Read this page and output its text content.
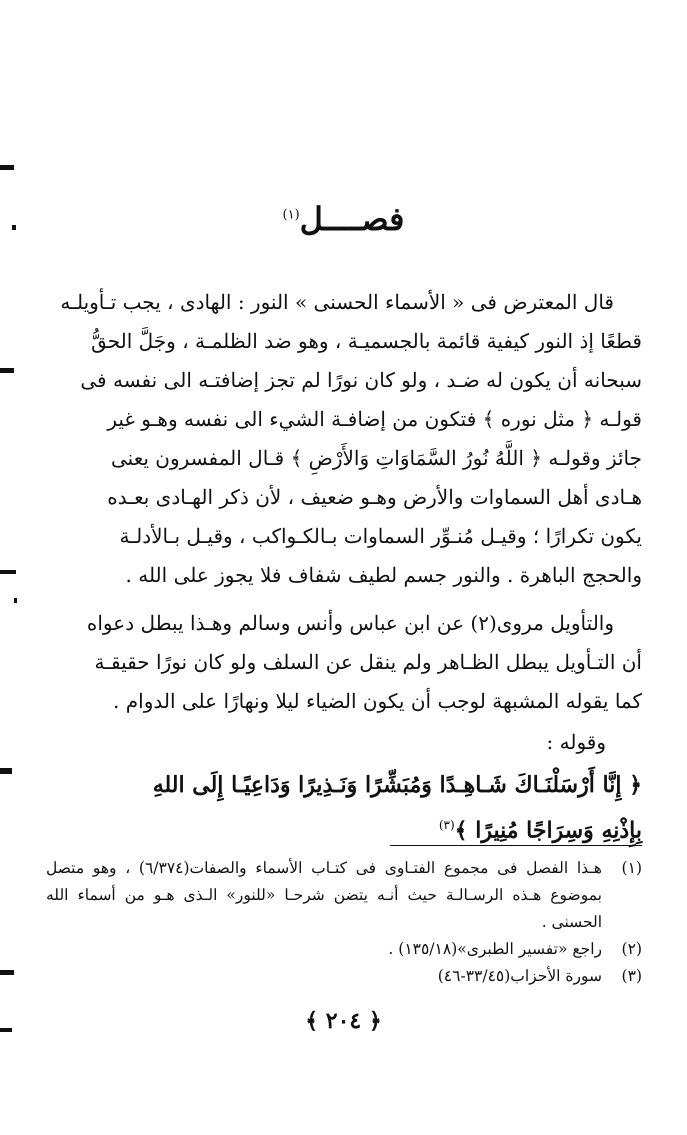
فصــــل$^{(١)}$
قال المعترض فى « الأسماء الحسنى » النور : الهادى ، يجب تـأويلـه
قطعًا إذ النور كيفية قائمة بالجسميـة ، وهو ضد الظلمـة ، وجَلَّ الحقُّ
سبحانه أن يكون له ضـد ، ولو كان نورًا لم تجز إضافتـه الى نفسه فى
قولـه ﴿ مثل نوره ﴾ فتكون من إضافـة الشيء الى نفسه وهـو غير
جائز وقولـه ﴿ اللَّهُ نُورُ السَّمَاوَاتِ وَالأَرْضِ ﴾ قـال المفسرون يعنى
هـادى أهل السماوات والأرض وهـو ضعيف ، لأن ذكر الهـادى بعـده
يكون تكرارًا ؛ وقيـل مُنـوِّر السماوات بـالكـواكب ، وقيـل بـالأدلـة
والحجج الباهرة . والنور جسم لطيف شفاف فلا يجوز على الله .
والتأويل مروى(٢) عن ابن عباس وأنس وسالم وهـذا يبطل دعواه
أن التـأويل يبطل الظـاهر ولم ينقل عن السلف ولو كان نورًا حقيقـة
كما يقوله المشبهة لوجب أن يكون الضياء ليلا ونهارًا على الدوام .
وقوله :
﴿ إِنَّا أَرْسَلْنَـاكَ شَـاهِـدًا وَمُبَشِّرًا وَنَـذِيرًا وَدَاعِيًـا إِلَى اللهِ
بِإِذْنِهِ وَسِرَاجًا مُنِيرًا ﴾$^{(٣)}$
(١)
هـذا الفصل فى مجموع الفتـاوى فى كتـاب الأسماء والصفات(٦/٣٧٤) ، وهو متصل بموضوع هـذه الرسـالـة حيث أنـه يتضن شرحـا «للنور» الـذى هـو من أسماء الله الحسنى .
(٢)
راجع «تفسير الطبرى»(١٣٥/١٨) .
(٣)
سورة الأحزاب(٣٣/٤٥-٤٦)
﴿ ٢٠٤ ﴾
